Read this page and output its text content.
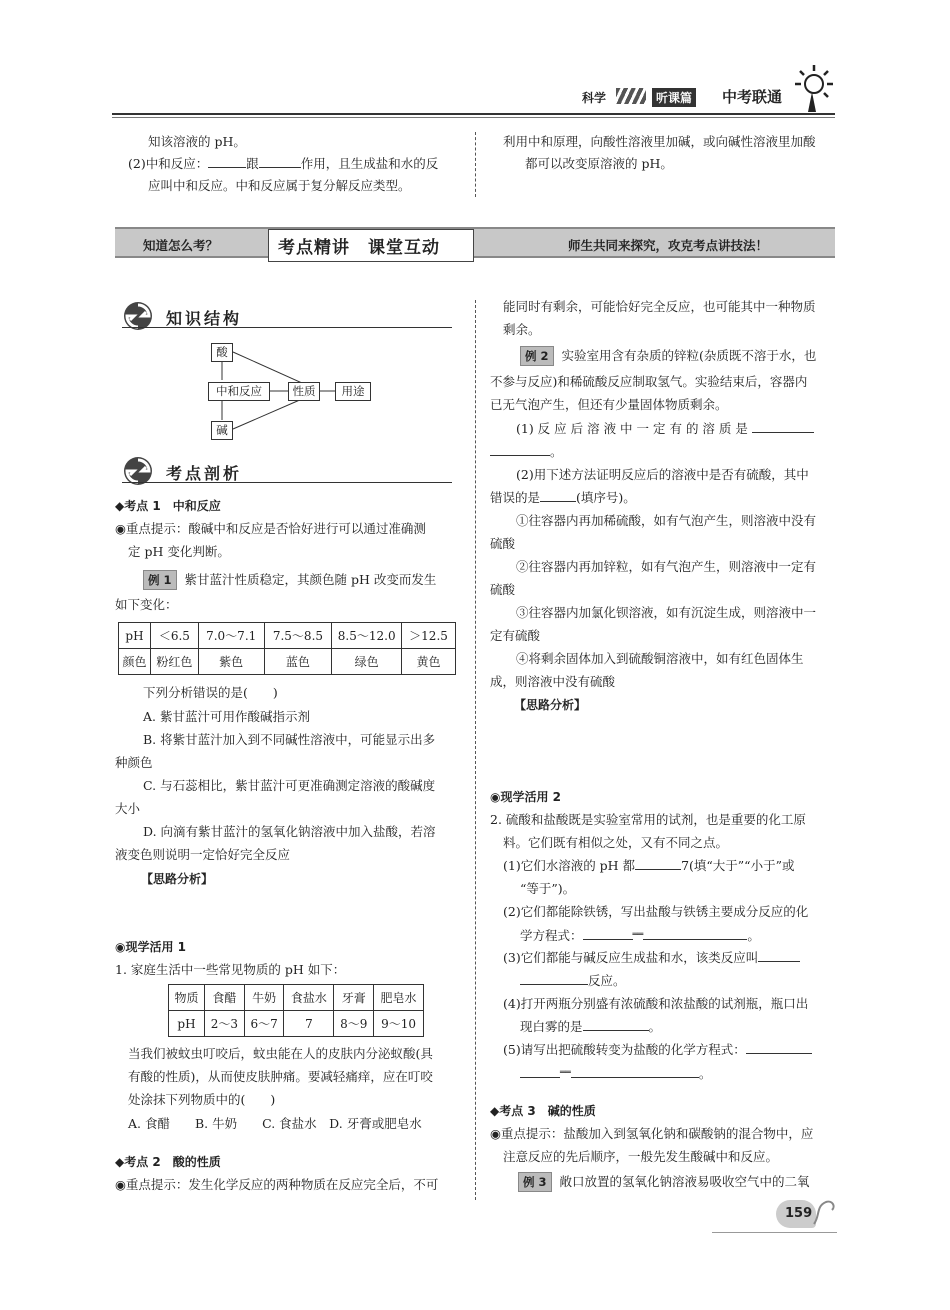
科学	听课篇 中考联通

知该溶液的 pH。

(2)中和反应：	跟	作用，且生成盐和水的反

应叫中和反应。中和反应属于复分解反应类型。

利用中和原理，向酸性溶液里加碱，或向碱性溶液里加酸

都可以改变原溶液的 pH。

知道怎么考？	考点精讲　课堂互动	师生共同来探究，攻克考点讲技法！
知识结构
酸
中和反应	性质	用途
碱
考点剖析

◆考点 1　中和反应

◉重点提示：酸碱中和反应是否恰好进行可以通过准确测

定 pH 变化判断。

例 1 紫甘蓝汁性质稳定，其颜色随 pH 改变而发生

如下变化：

pH	＜6.5	7.0～7.1	7.5～8.5	8.5～12.0	＞12.5
颜色	粉红色	紫色	蓝色	绿色	黄色

下列分析错误的是(　　)

A. 紫甘蓝汁可用作酸碱指示剂

B. 将紫甘蓝汁加入到不同碱性溶液中，可能显示出多

种颜色

C. 与石蕊相比，紫甘蓝汁可更准确测定溶液的酸碱度

大小

D. 向滴有紫甘蓝汁的氢氧化钠溶液中加入盐酸，若溶

液变色则说明一定恰好完全反应

【思路分析】

◉现学活用 1

1. 家庭生活中一些常见物质的 pH 如下：

物质	食醋	牛奶	食盐水	牙膏	肥皂水
pH	2～3	6～7	7	8～9	9～10

当我们被蚊虫叮咬后，蚊虫能在人的皮肤内分泌蚁酸(具

有酸的性质)，从而使皮肤肿痛。要减轻痛痒，应在叮咬

处涂抹下列物质中的(　　)

A. 食醋　　B. 牛奶　　C. 食盐水　D. 牙膏或肥皂水

◆考点 2　酸的性质

◉重点提示：发生化学反应的两种物质在反应完全后，不可

能同时有剩余，可能恰好完全反应，也可能其中一种物质

剩余。

例 2 实验室用含有杂质的锌粒(杂质既不溶于水，也

不参与反应)和稀硫酸反应制取氢气。实验结束后，容器内

已无气泡产生，但还有少量固体物质剩余。

(1) 反 应 后 溶 液 中 一 定 有 的 溶 质 是

。

(2)用下述方法证明反应后的溶液中是否有硫酸，其中

错误的是	(填序号)。

①往容器内再加稀硫酸，如有气泡产生，则溶液中没有

硫酸

②往容器内再加锌粒，如有气泡产生，则溶液中一定有

硫酸

③往容器内加氯化钡溶液，如有沉淀生成，则溶液中一

定有硫酸

④将剩余固体加入到硫酸铜溶液中，如有红色固体生

成，则溶液中没有硫酸

【思路分析】

◉现学活用 2

2. 硫酸和盐酸既是实验室常用的试剂，也是重要的化工原

料。它们既有相似之处，又有不同之点。

(1)它们水溶液的 pH 都	7(填“大于”“小于”或

“等于”)。

(2)它们都能除铁锈，写出盐酸与铁锈主要成分反应的化

学方程式：	══	。

(3)它们都能与碱反应生成盐和水，该类反应叫

反应。

(4)打开两瓶分别盛有浓硫酸和浓盐酸的试剂瓶，瓶口出

现白雾的是	。

(5)请写出把硫酸转变为盐酸的化学方程式：

══	。

◆考点 3　碱的性质

◉重点提示：盐酸加入到氢氧化钠和碳酸钠的混合物中，应

注意反应的先后顺序，一般先发生酸碱中和反应。

例 3 敞口放置的氢氧化钠溶液易吸收空气中的二氧

159
